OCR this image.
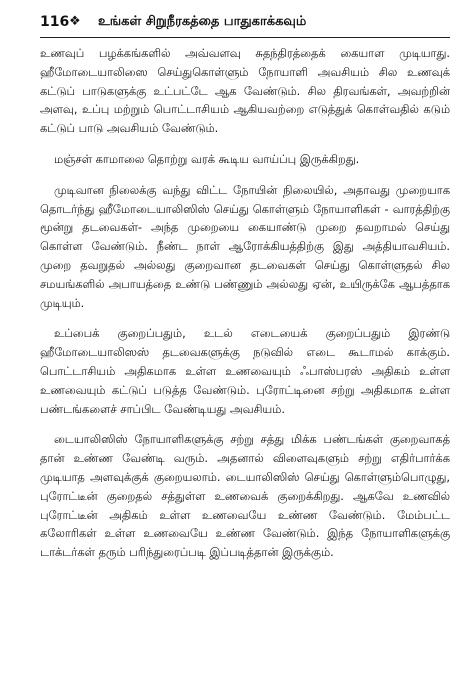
116 ❖ உங்கள் சிறுநீரகத்தை பாதுகாக்கவும்

உணவுப் பழக்கங்களில் அவ்வளவு சுதந்திரத்தைக் கையாள முடியாது. ஹீமோடையாலிஸை செய்துகொள்ளும் நோயாளி அவசியம் சில உணவுக் கட்டுப் பாடுகளுக்கு உட்பட்டே ஆக வேண்டும். சில திரவங்கள், அவற்றின் அளவு, உப்பு மற்றும் பொட்டாசியம் ஆகியவற்றை எடுத்துக் கொள்வதில் கடும் கட்டுப் பாடு அவசியம் வேண்டும்.

மஞ்சள் காமாலை தொற்று வரக் கூடிய வாய்ப்பு இருக்கிறது.

முடிவான நிலைக்கு வந்து விட்ட நோயின் நிலையில், அதாவது முறையாக தொடர்ந்து ஹீமோடையாலிஸிஸ் செய்து கொள்ளும் நோயாளிகள் - வாரத்திற்கு மூன்று தடவைகள்- அந்த முறையை கையாண்டு முறை தவறாமல் செய்து கொள்ள வேண்டும். நீண்ட நாள் ஆரோக்கியத்திற்கு இது அத்தியாவசியம். முறை தவறுதல் அல்லது குறைவான தடவைகள் செய்து கொள்ளுதல் சில சமயங்களில் அபாயத்தை உண்டு பண்ணும் அல்லது ஏன், உயிருக்கே ஆபத்தாக முடியும்.

உப்பைக் குறைப்பதும், உடல் எடையைக் குறைப்பதும் இரண்டு ஹீமோடையாலிஸஸ் தடவைகளுக்கு நடுவில் எடை கூடாமல் காக்கும். பொட்டாசியம் அதிகமாக உள்ள உணவையும் ஃபாஸ்பரஸ் அதிகம் உள்ள உணவையும் கட்டுப் படுத்த வேண்டும். புரோட்டினை சற்று அதிகமாக உள்ள பண்டங்களைச் சாப்பிட வேண்டியது அவசியம்.

டையாலிஸிஸ் நோயாளிகளுக்கு சற்று சத்து மிக்க பண்டங்கள் குறைவாகத் தான் உண்ண வேண்டி வரும். அதனால் விளைவுகளும் சற்று எதிர்பார்க்க முடியாத அளவுக்குக் குறையலாம். டையாலிஸிஸ் செய்து கொள்ளும்பொழுது, புரோட்டீன் குறைதல் சத்துள்ள உணவைக் குறைக்கிறது. ஆகவே உணவில் புரோட்டீன் அதிகம் உள்ள உணவையே உண்ண வேண்டும். மேம்பட்ட கலோரிகள் உள்ள உணவையே உண்ண வேண்டும். இந்த நோயாளிகளுக்கு டாக்டர்கள் தரும் பரிந்துரைப்படி இப்படித்தான் இருக்கும்.
